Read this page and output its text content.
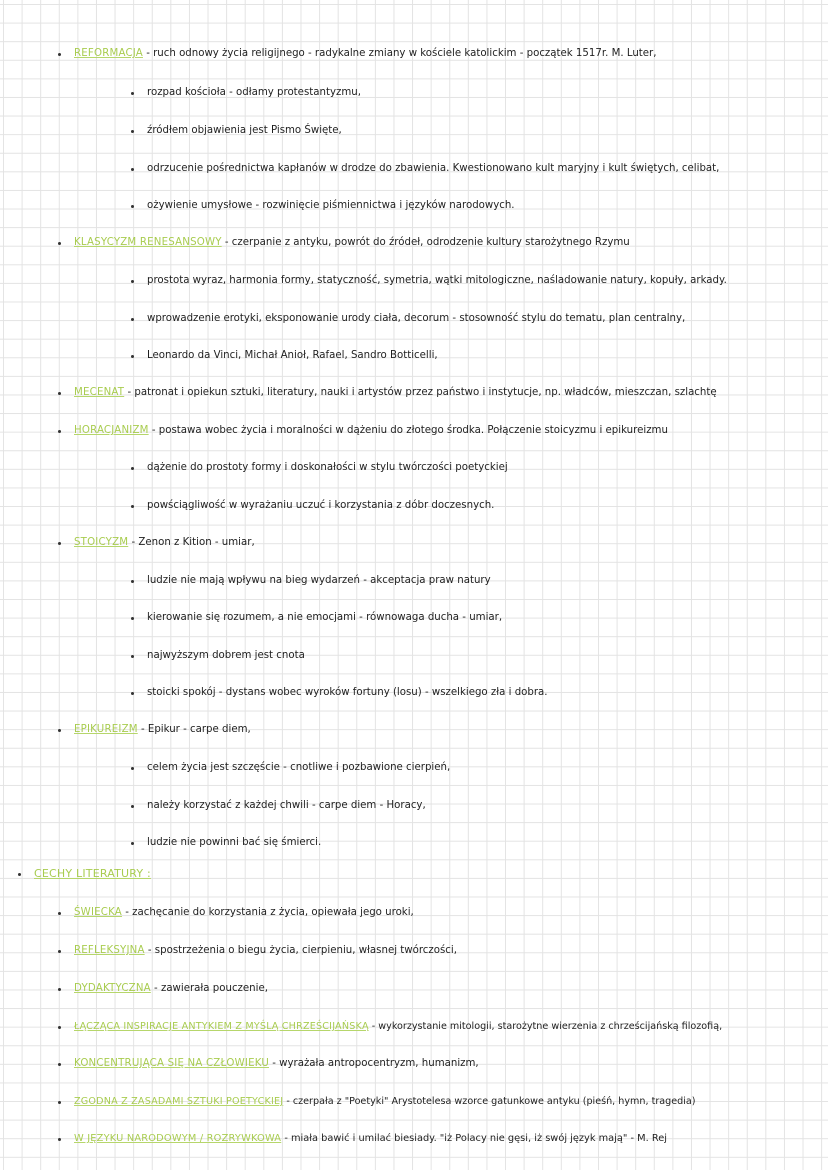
REFORMACJA - ruch odnowy życia religijnego - radykalne zmiany w kościele katolickim - początek 1517r. M. Luter,
rozpad kościoła - odłamy protestantyzmu,
źródłem objawienia jest Pismo Święte,
odrzucenie pośrednictwa kapłanów w drodze do zbawienia. Kwestionowano kult maryjny i kult świętych, celibat,
ożywienie umysłowe - rozwinięcie piśmiennictwa i języków narodowych.
KLASYCYZM RENESANSOWY - czerpanie z antyku, powrót do źródeł, odrodzenie kultury starożytnego Rzymu
prostota wyraz, harmonia formy, statyczność, symetria, wątki mitologiczne, naśladowanie natury, kopuły, arkady.
wprowadzenie erotyki, eksponowanie urody ciała, decorum - stosowność stylu do tematu, plan centralny,
Leonardo da Vinci, Michał Anioł, Rafael, Sandro Botticelli,
MECENAT - patronat i opiekun sztuki, literatury, nauki i artystów przez państwo i instytucje, np. władców, mieszczan, szlachtę
HORACJANIZM - postawa wobec życia i moralności w dążeniu do złotego środka. Połączenie stoicyzmu i epikureizmu
dążenie do prostoty formy i doskonałości w stylu twórczości poetyckiej
powściągliwość w wyrażaniu uczuć i korzystania z dóbr doczesnych.
STOICYZM - Zenon z Kition - umiar,
ludzie nie mają wpływu na bieg wydarzeń - akceptacja praw natury
kierowanie się rozumem, a nie emocjami - równowaga ducha - umiar,
najwyższym dobrem jest cnota
stoicki spokój - dystans wobec wyroków fortuny (losu) - wszelkiego zła i dobra.
EPIKUREIZM - Epikur - carpe diem,
celem życia jest szczęście - cnotliwe i pozbawione cierpień,
należy korzystać z każdej chwili - carpe diem - Horacy,
ludzie nie powinni bać się śmierci.
CECHY LITERATURY :
ŚWIECKA - zachęcanie do korzystania z życia, opiewała jego uroki,
REFLEKSYJNA - spostrzeżenia o biegu życia, cierpieniu, własnej twórczości,
DYDAKTYCZNA - zawierała pouczenie,
ŁĄCZĄCA INSPIRACJE ANTYKIEM Z MYŚLĄ CHRZEŚCIJAŃSKĄ - wykorzystanie mitologii, starożytne wierzenia z chrześcijańską filozofią,
KONCENTRUJĄCA SIĘ NA CZŁOWIEKU - wyrażała antropocentryzm, humanizm,
ZGODNA Z ZASADAMI SZTUKI POETYCKIEJ - czerpała z "Poetyki" Arystotelesa wzorce gatunkowe antyku (pieśń, hymn, tragedia)
W JĘZYKU NARODOWYM / ROZRYWKOWA - miała bawić i umilać biesiady. "iż Polacy nie gęsi, iż swój język mają" - M. Rej
